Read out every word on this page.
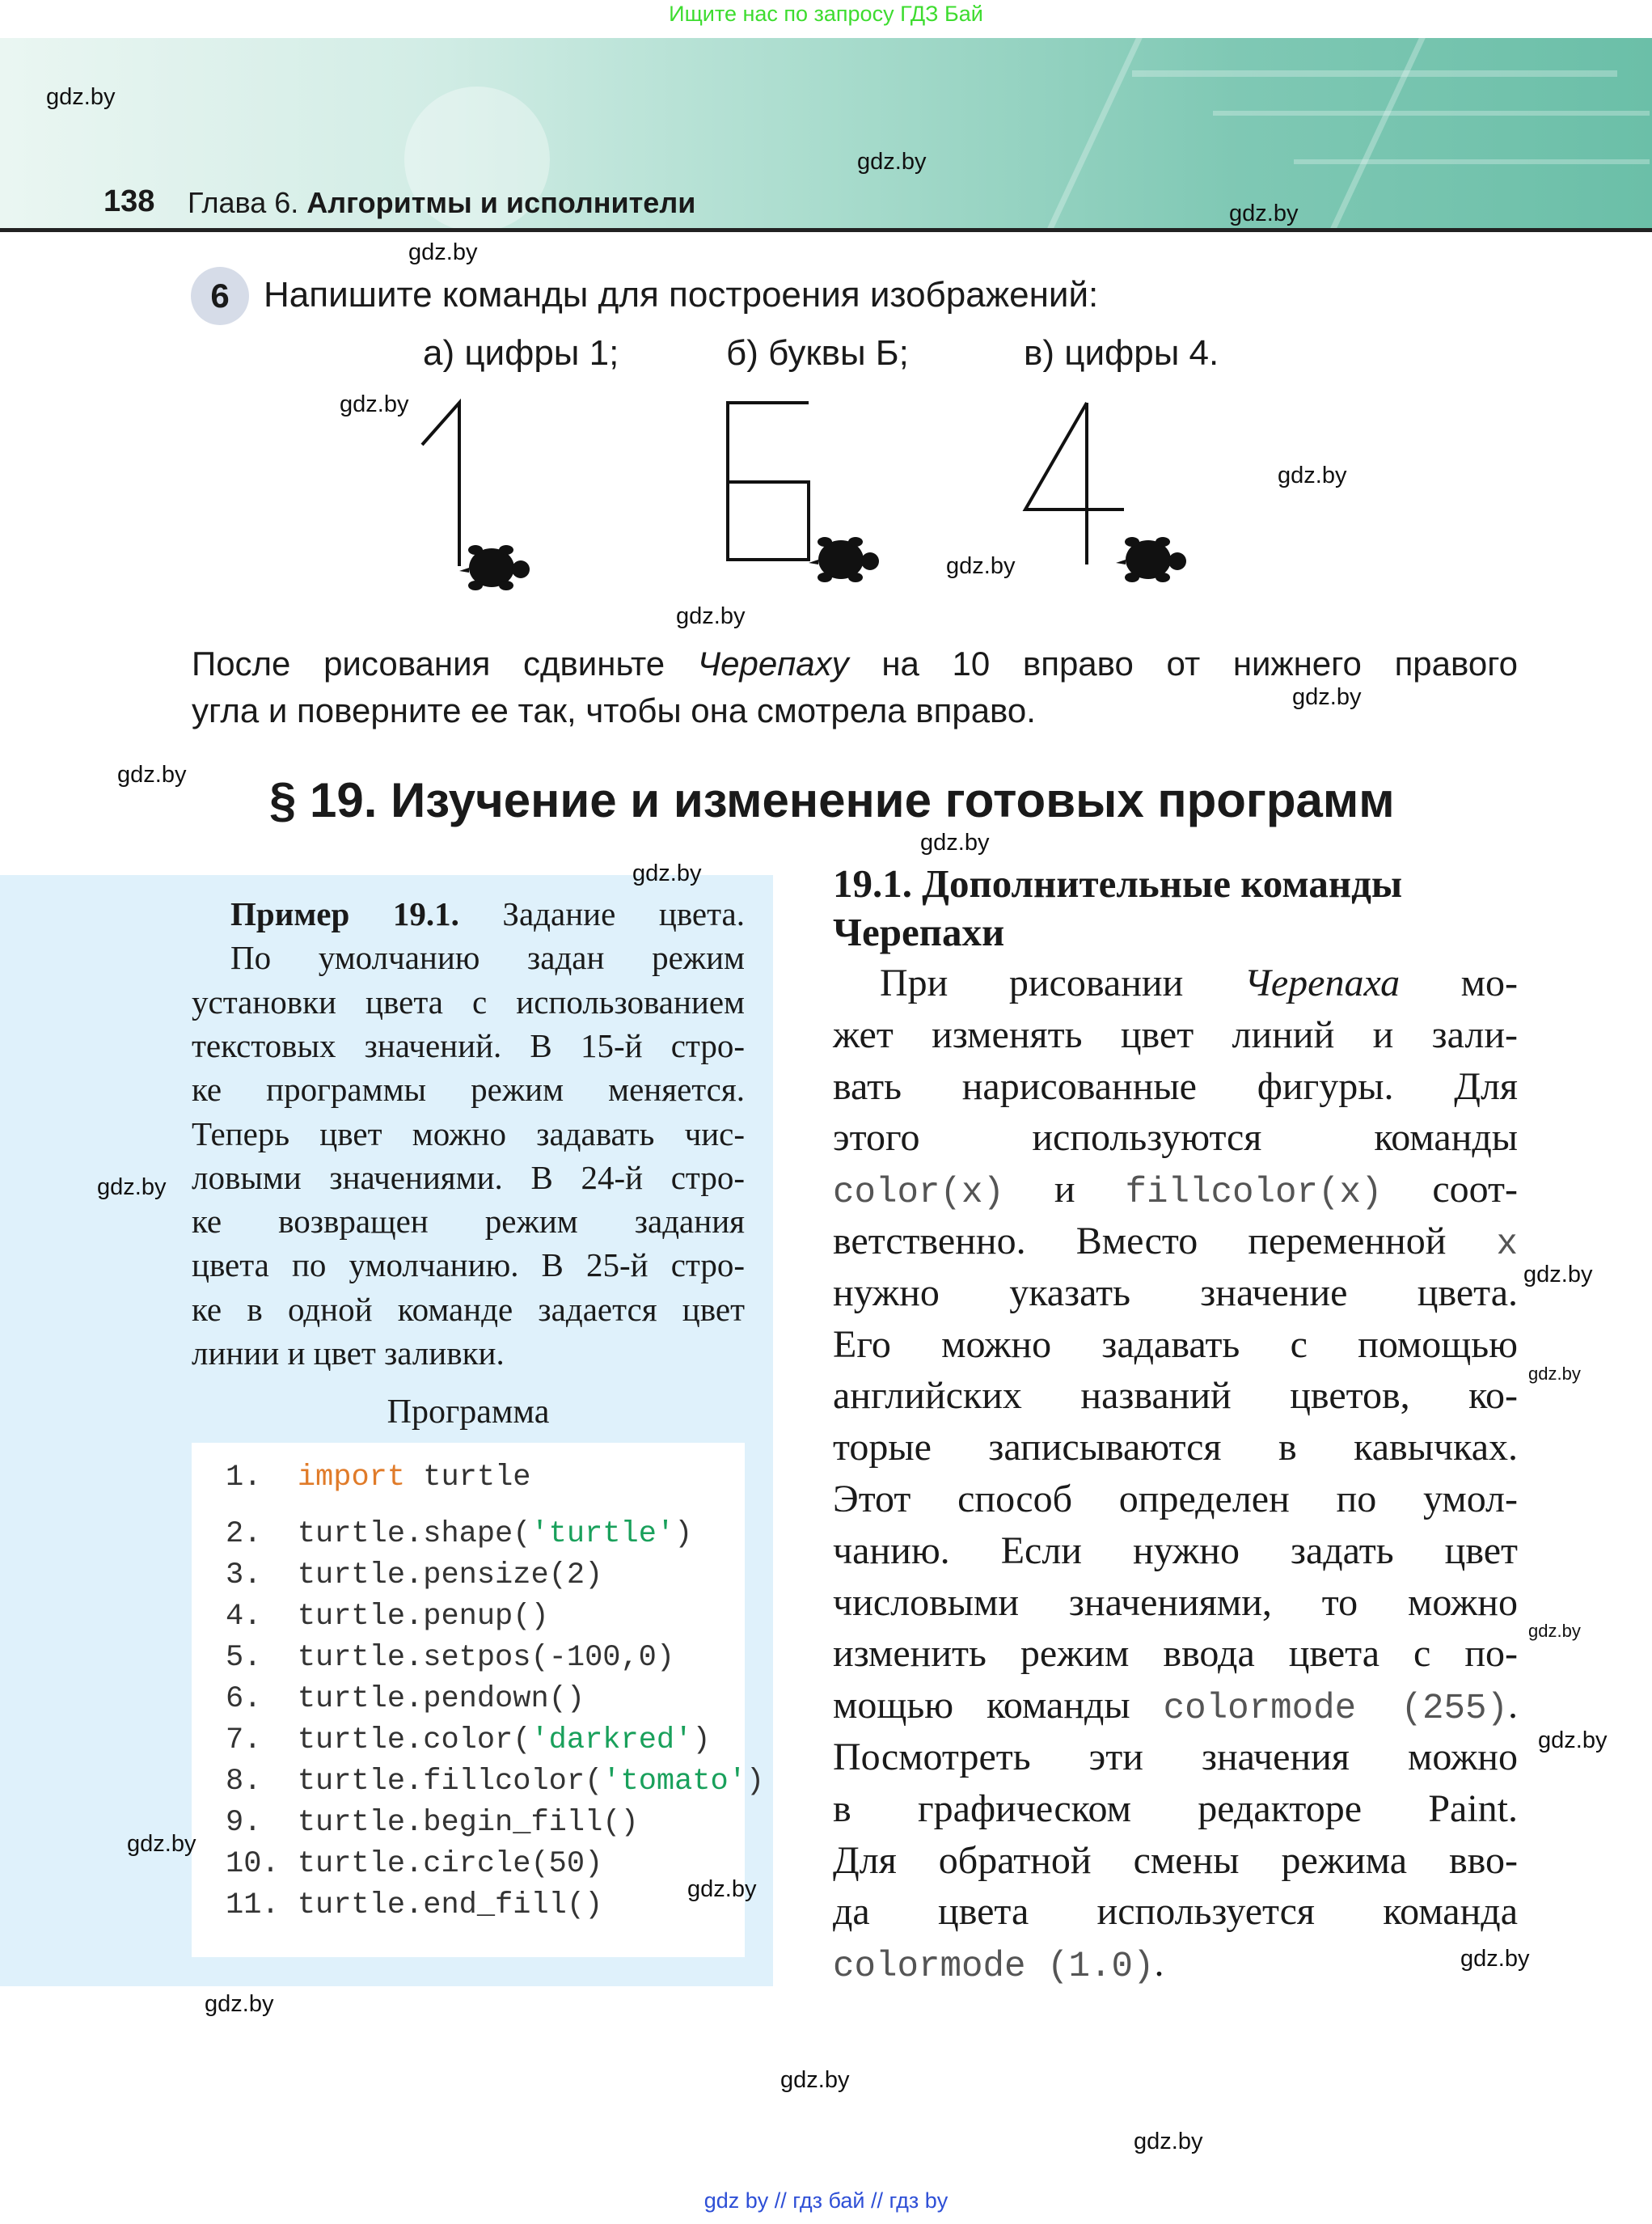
Ищите нас по запросу ГДЗ Бай
138 Глава 6. Алгоритмы и исполнители
6 Напишите команды для построения изображений:
а) цифры 1;	б) буквы Б;	в) цифры 4.
После рисования сдвиньте Черепаху на 10 вправо от нижнего правого
угла и поверните ее так, чтобы она смотрела вправо.
§ 19. Изучение и изменение готовых программ
Пример 19.1. Задание цвета.
По умолчанию задан режим
установки цвета с использованием
текстовых значений. В 15-й стро-
ке программы режим меняется.
Теперь цвет можно задавать чис-
ловыми значениями. В 24-й стро-
ке возвращен режим задания
цвета по умолчанию. В 25-й стро-
ке в одной команде задается цвет
линии и цвет заливки.
Программа
1.  import turtle
2.  turtle.shape('turtle')
3.  turtle.pensize(2)
4.  turtle.penup()
5.  turtle.setpos(-100,0)
6.  turtle.pendown()
7.  turtle.color('darkred')
8.  turtle.fillcolor('tomato')
9.  turtle.begin_fill()
10. turtle.circle(50)
11. turtle.end_fill()
19.1. Дополнительные команды
Черепахи
При рисовании Черепаха мо-
жет изменять цвет линий и зали-
вать нарисованные фигуры. Для
этого используются команды
color(x) и fillcolor(x) соот-
ветственно. Вместо переменной x
нужно указать значение цвета.
Его можно задавать с помощью
английских названий цветов, ко-
торые записываются в кавычках.
Этот способ определен по умол-
чанию. Если нужно задать цвет
числовыми значениями, то можно
изменить режим ввода цвета с по-
мощью команды colormode (255).
Посмотреть эти значения можно
в графическом редакторе Paint.
Для обратной смены режима вво-
да цвета используется команда
colormode (1.0).
gdz.by
gdz.by
gdz.by
gdz.by
gdz.by
gdz.by
gdz.by
gdz.by
gdz.by
gdz.by
gdz.by
gdz.by
gdz.by
gdz.by
gdz.by
gdz.by
gdz.by
gdz.by
gdz.by
gdz.by
gdz.by
gdz.by
gdz.by
gdz by // гдз бай // гдз by
